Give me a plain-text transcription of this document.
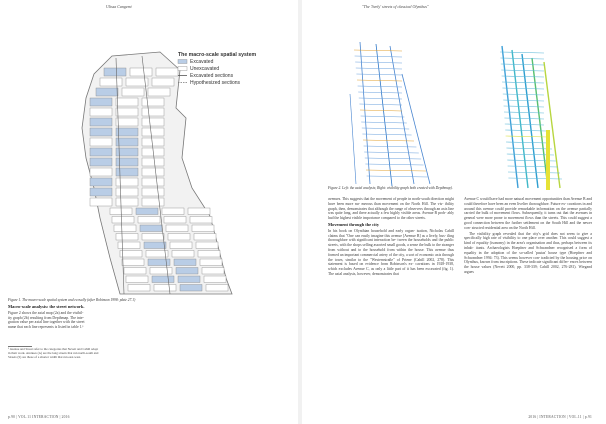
Ulissa Cangemi
The macro-scale spatial system
Excavated
Unexcavated
Excavated sections
Hypothesized sections
Figure 1. The macro-scale spatial system and ecosally (after Robinson 1998: plate 27.1)
Macro-scale analysis: the street network.
Figure 2 shows the axial map (2a) and the visibil-
ity graph (2b) resulting from Depthmap. The inte-
gration value per axial line together with the street
name that each line represents is listed in table 1.¹
¹ Avenue and Street refer to the categories that Nevett and Cahill adopt in their work. Avenues (A) are the long streets that run north-south and Streets (S) are those of a shorter width that run east-west.
p.90 | VOL.11 INTERACTION | 2016
"The 'lively' streets of classical Olynthus"
Figure 2. Left: the axial analysis; Right: visibility graph both created with Depthmap).

avenues. This suggests that the movement of people in north-south direction might have been more nu- merous than movement on the North Hill. The vis- ibility graph, then, demonstrates that although the range of observers through an axis line was quite long, and there actually a few highly visible areas. Avenue B prob- ably had the highest visible importance compared to the other streets.

Movement through the city

In his book on Olynthian household and early organ- isation, Nicholas Cahill claims that "One can easily imagine this avenue [Avenue B] as a lively, bus- tling thoroughfare with significant interaction be- tween the households and the public streets, with the shops selling assorted small goods, a sense the bulk to the stranger from without and to the household from within the house. This avenue thus formed an important commercial artery of the city, a sort of economic axis through the town, similar to the "Westernstraße" of Priene (Cahill 2002, 278). This statement is based on evidence from Robinson's ex- cavations in 1928-1938, which excludes Avenue C, as only a little part of it has been excavated (fig. 1). The axial analysis, however, demonstrates that

Avenue C would have had more natural movement opportunities than Avenue B and could therefore have been an even livelier thoroughfare. Future ex- cavations in and around this avenue could provide remarkable information on the avenue partially carried the bulk of movement flows. Subsequently, it turns out that the avenues in general were more prone to movement flows than the streets. This could suggest a good connection between the further settlement on the South Hill and the newer con- structed residential area on the North Hill.

The visibility graph revealed that the city's grid does not seem to give a specifically high rate of visibility to one place over another. This could suggest a kind of equality (isonomy) in the area's organisation and thus, perhaps between its inhab- itants. Archaeologists Hoepfner and Schwandner recognised a form of equality in the adoption of the so-called 'pastas' house type (Hoepfner and Schwandner 1994: 73). This seems however con- tradicted by the housing price on Olynthus, known from inscriptions. These indicate significant differ- ences between the house values (Nevett 2000, pp. 338-339; Cahill 2002, 276-281). Wiegand argues

2016 | INTERACTION | VOL.11 | p.91
